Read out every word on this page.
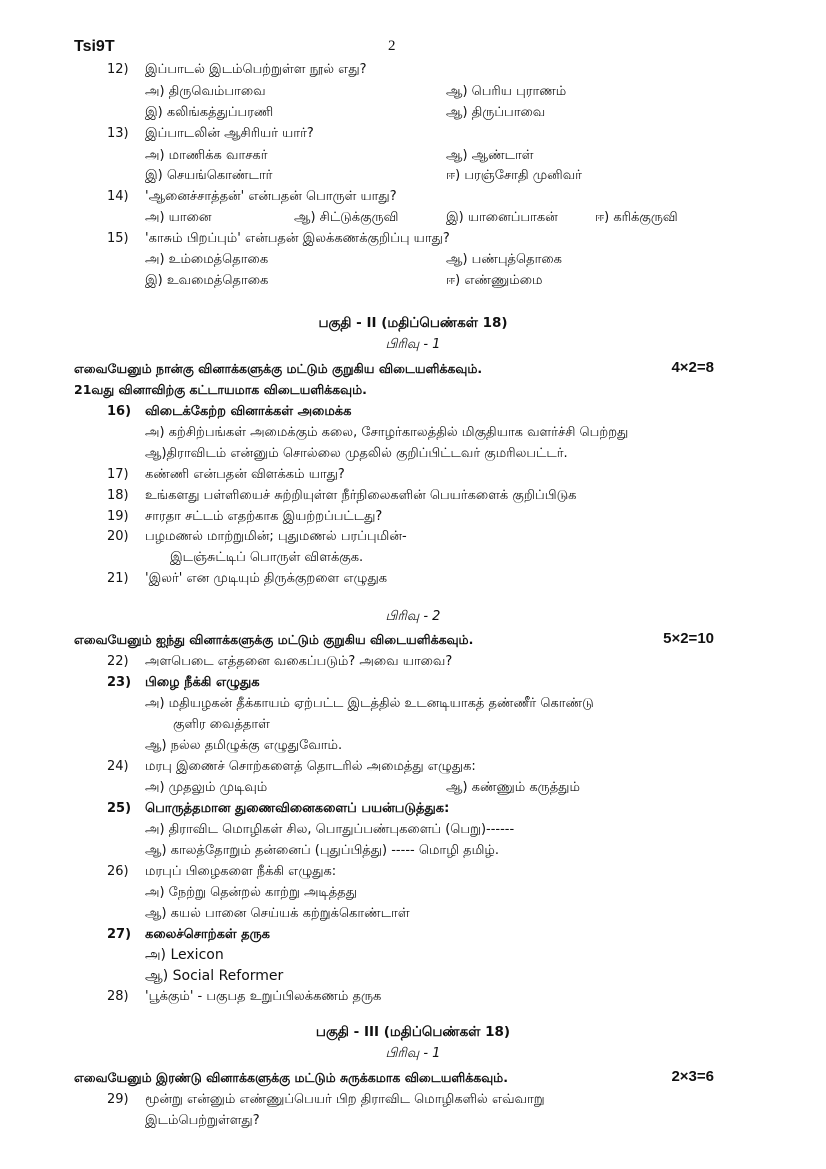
Tsi9T	2
12) இப்பாடல் இடம்பெற்றுள்ள நூல் எது?
அ) திருவெம்பாவை	ஆ) பெரிய புராணம்
இ) கலிங்கத்துப்பரணி	ஆ) திருப்பாவை
13) இப்பாடலின் ஆசிரியர் யார்?
அ) மாணிக்க வாசகர்	ஆ) ஆண்டாள்
இ) செயங்கொண்டார்	ஈ) பரஞ்சோதி முனிவர்
14) 'ஆனைச்சாத்தன்' என்பதன் பொருள் யாது?
அ) யானை	ஆ) சிட்டுக்குருவி	இ) யானைப்பாகன்	ஈ) கரிக்குருவி
15) 'காசும் பிறப்பும்' என்பதன் இலக்கணக்குறிப்பு யாது?
அ) உம்மைத்தொகை	ஆ) பண்புத்தொகை
இ) உவமைத்தொகை	ஈ) எண்ணும்மை
பகுதி - II (மதிப்பெண்கள் 18)
பிரிவு - 1
எவையேனும் நான்கு வினாக்களுக்கு மட்டும் குறுகிய விடையளிக்கவும்.	4×2=8
21வது வினாவிற்கு கட்டாயமாக விடையளிக்கவும்.
16) விடைக்கேற்ற வினாக்கள் அமைக்க
அ) கற்சிற்பங்கள் அமைக்கும் கலை, சோழர்காலத்தில் மிகுதியாக வளர்ச்சி பெற்றது
ஆ)திராவிடம் என்னும் சொல்லை முதலில் குறிப்பிட்டவர் குமரிலபட்டர்.
17) கண்ணி என்பதன் விளக்கம் யாது?
18) உங்களது பள்ளியைச் சுற்றியுள்ள நீர்நிலைகளின் பெயர்களைக் குறிப்பிடுக
19) சாரதா சட்டம் எதற்காக இயற்றப்பட்டது?
20) பழமணல் மாற்றுமின்; புதுமணல் பரப்புமின்-
இடஞ்சுட்டிப் பொருள் விளக்குக.
21) 'இலர்' என முடியும் திருக்குறளை எழுதுக
பிரிவு - 2
எவையேனும் ஐந்து வினாக்களுக்கு மட்டும் குறுகிய விடையளிக்கவும்.	5×2=10
22) அளபெடை எத்தனை வகைப்படும்? அவை யாவை?
23) பிழை நீக்கி எழுதுக
அ) மதியழகன் தீக்காயம் ஏற்பட்ட இடத்தில் உடனடியாகத் தண்ணீர் கொண்டு
குளிர வைத்தாள்
ஆ) நல்ல தமிழுக்கு எழுதுவோம்.
24) மரபு இணைச் சொற்களைத் தொடரில் அமைத்து எழுதுக:
அ) முதலும் முடிவும்	ஆ) கண்ணும் கருத்தும்
25) பொருத்தமான துணைவினைகளைப் பயன்படுத்துக:
அ) திராவிட மொழிகள் சில, பொதுப்பண்புகளைப் (பெறு)------
ஆ) காலத்தோறும் தன்னைப் (புதுப்பித்து) ----- மொழி தமிழ்.
26) மரபுப் பிழைகளை நீக்கி எழுதுக:
அ) நேற்று தென்றல் காற்று அடித்தது
ஆ) கயல் பானை செய்யக் கற்றுக்கொண்டாள்
27) கலைச்சொற்கள் தருக
அ) Lexicon
ஆ) Social Reformer
28) 'பூக்கும்' - பகுபத உறுப்பிலக்கணம் தருக
பகுதி - III (மதிப்பெண்கள் 18)
பிரிவு - 1
எவையேனும் இரண்டு வினாக்களுக்கு மட்டும் சுருக்கமாக விடையளிக்கவும்.	2×3=6
29) மூன்று என்னும் எண்ணுப்பெயர் பிற திராவிட மொழிகளில் எவ்வாறு
இடம்பெற்றுள்ளது?
